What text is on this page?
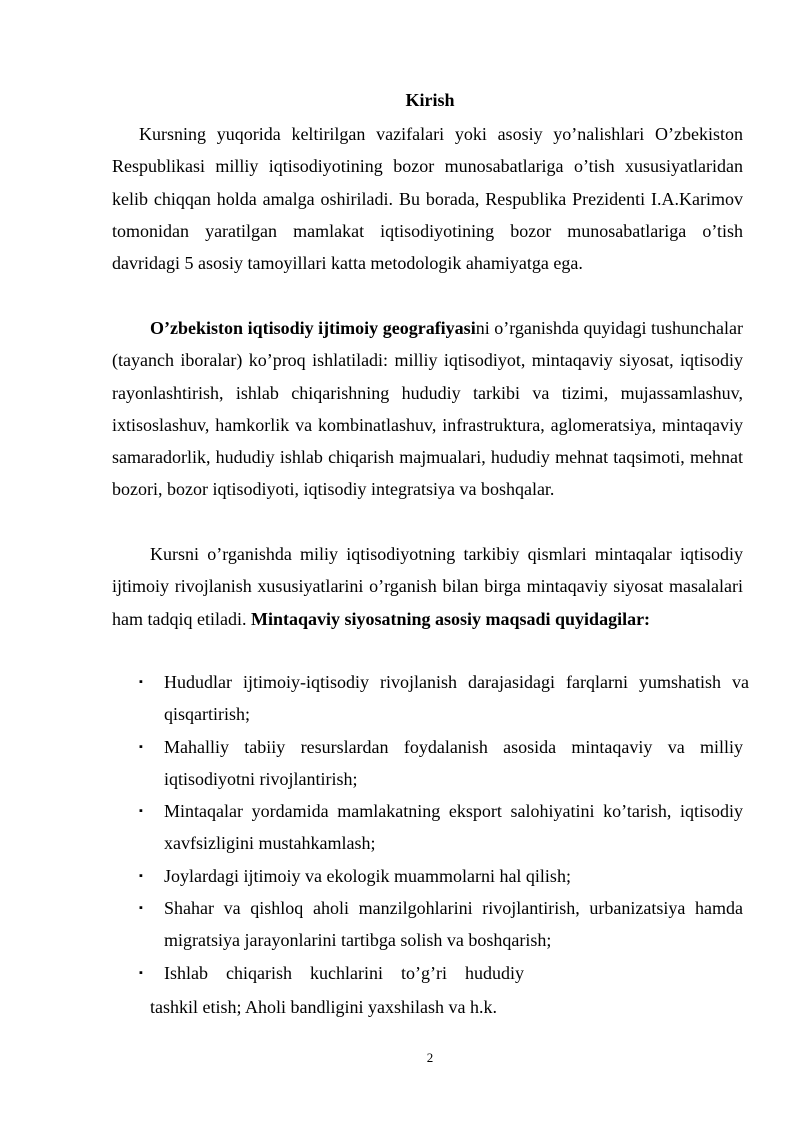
Kirish

Kursning yuqorida keltirilgan vazifalari yoki asosiy yo’nalishlari O’zbekiston Respublikasi milliy iqtisodiyotining bozor munosabatlariga o’tish xususiyatlaridan kelib chiqqan holda amalga oshiriladi. Bu borada, Respublika Prezidenti I.A.Karimov tomonidan yaratilgan mamlakat iqtisodiyotining bozor munosabatlariga o’tish davridagi 5 asosiy tamoyillari katta metodologik ahamiyatga ega.

O’zbekiston iqtisodiy ijtimoiy geografiyasini o’rganishda quyidagi tushunchalar (tayanch iboralar) ko’proq ishlatiladi: milliy iqtisodiyot, mintaqaviy siyosat, iqtisodiy rayonlashtirish, ishlab chiqarishning hududiy tarkibi va tizimi, mujassamlashuv, ixtisoslashuv, hamkorlik va kombinatlashuv, infrastruktura, aglomeratsiya, mintaqaviy samaradorlik, hududiy ishlab chiqarish majmualari, hududiy mehnat taqsimoti, mehnat bozori, bozor iqtisodiyoti, iqtisodiy integratsiya va boshqalar.

Kursni o’rganishda miliy iqtisodiyotning tarkibiy qismlari mintaqalar iqtisodiy ijtimoiy rivojlanish xususiyatlarini o’rganish bilan birga mintaqaviy siyosat masalalari ham tadqiq etiladi. Mintaqaviy siyosatning asosiy maqsadi quyidagilar:

▪ Hududlar ijtimoiy-iqtisodiy rivojlanish darajasidagi farqlarni yumshatish va qisqartirish;
▪ Mahalliy tabiiy resurslardan foydalanish asosida mintaqaviy va milliy iqtisodiyotni rivojlantirish;
▪ Mintaqalar yordamida mamlakatning eksport salohiyatini ko’tarish, iqtisodiy xavfsizligini mustahkamlash;
▪ Joylardagi ijtimoiy va ekologik muammolarni hal qilish;
▪ Shahar va qishloq aholi manzilgohlarini rivojlantirish, urbanizatsiya hamda migratsiya jarayonlarini tartibga solish va boshqarish;
▪ Ishlab chiqarish kuchlarini to’g’ri hududiy
tashkil etish; Aholi bandligini yaxshilash va h.k.
2
